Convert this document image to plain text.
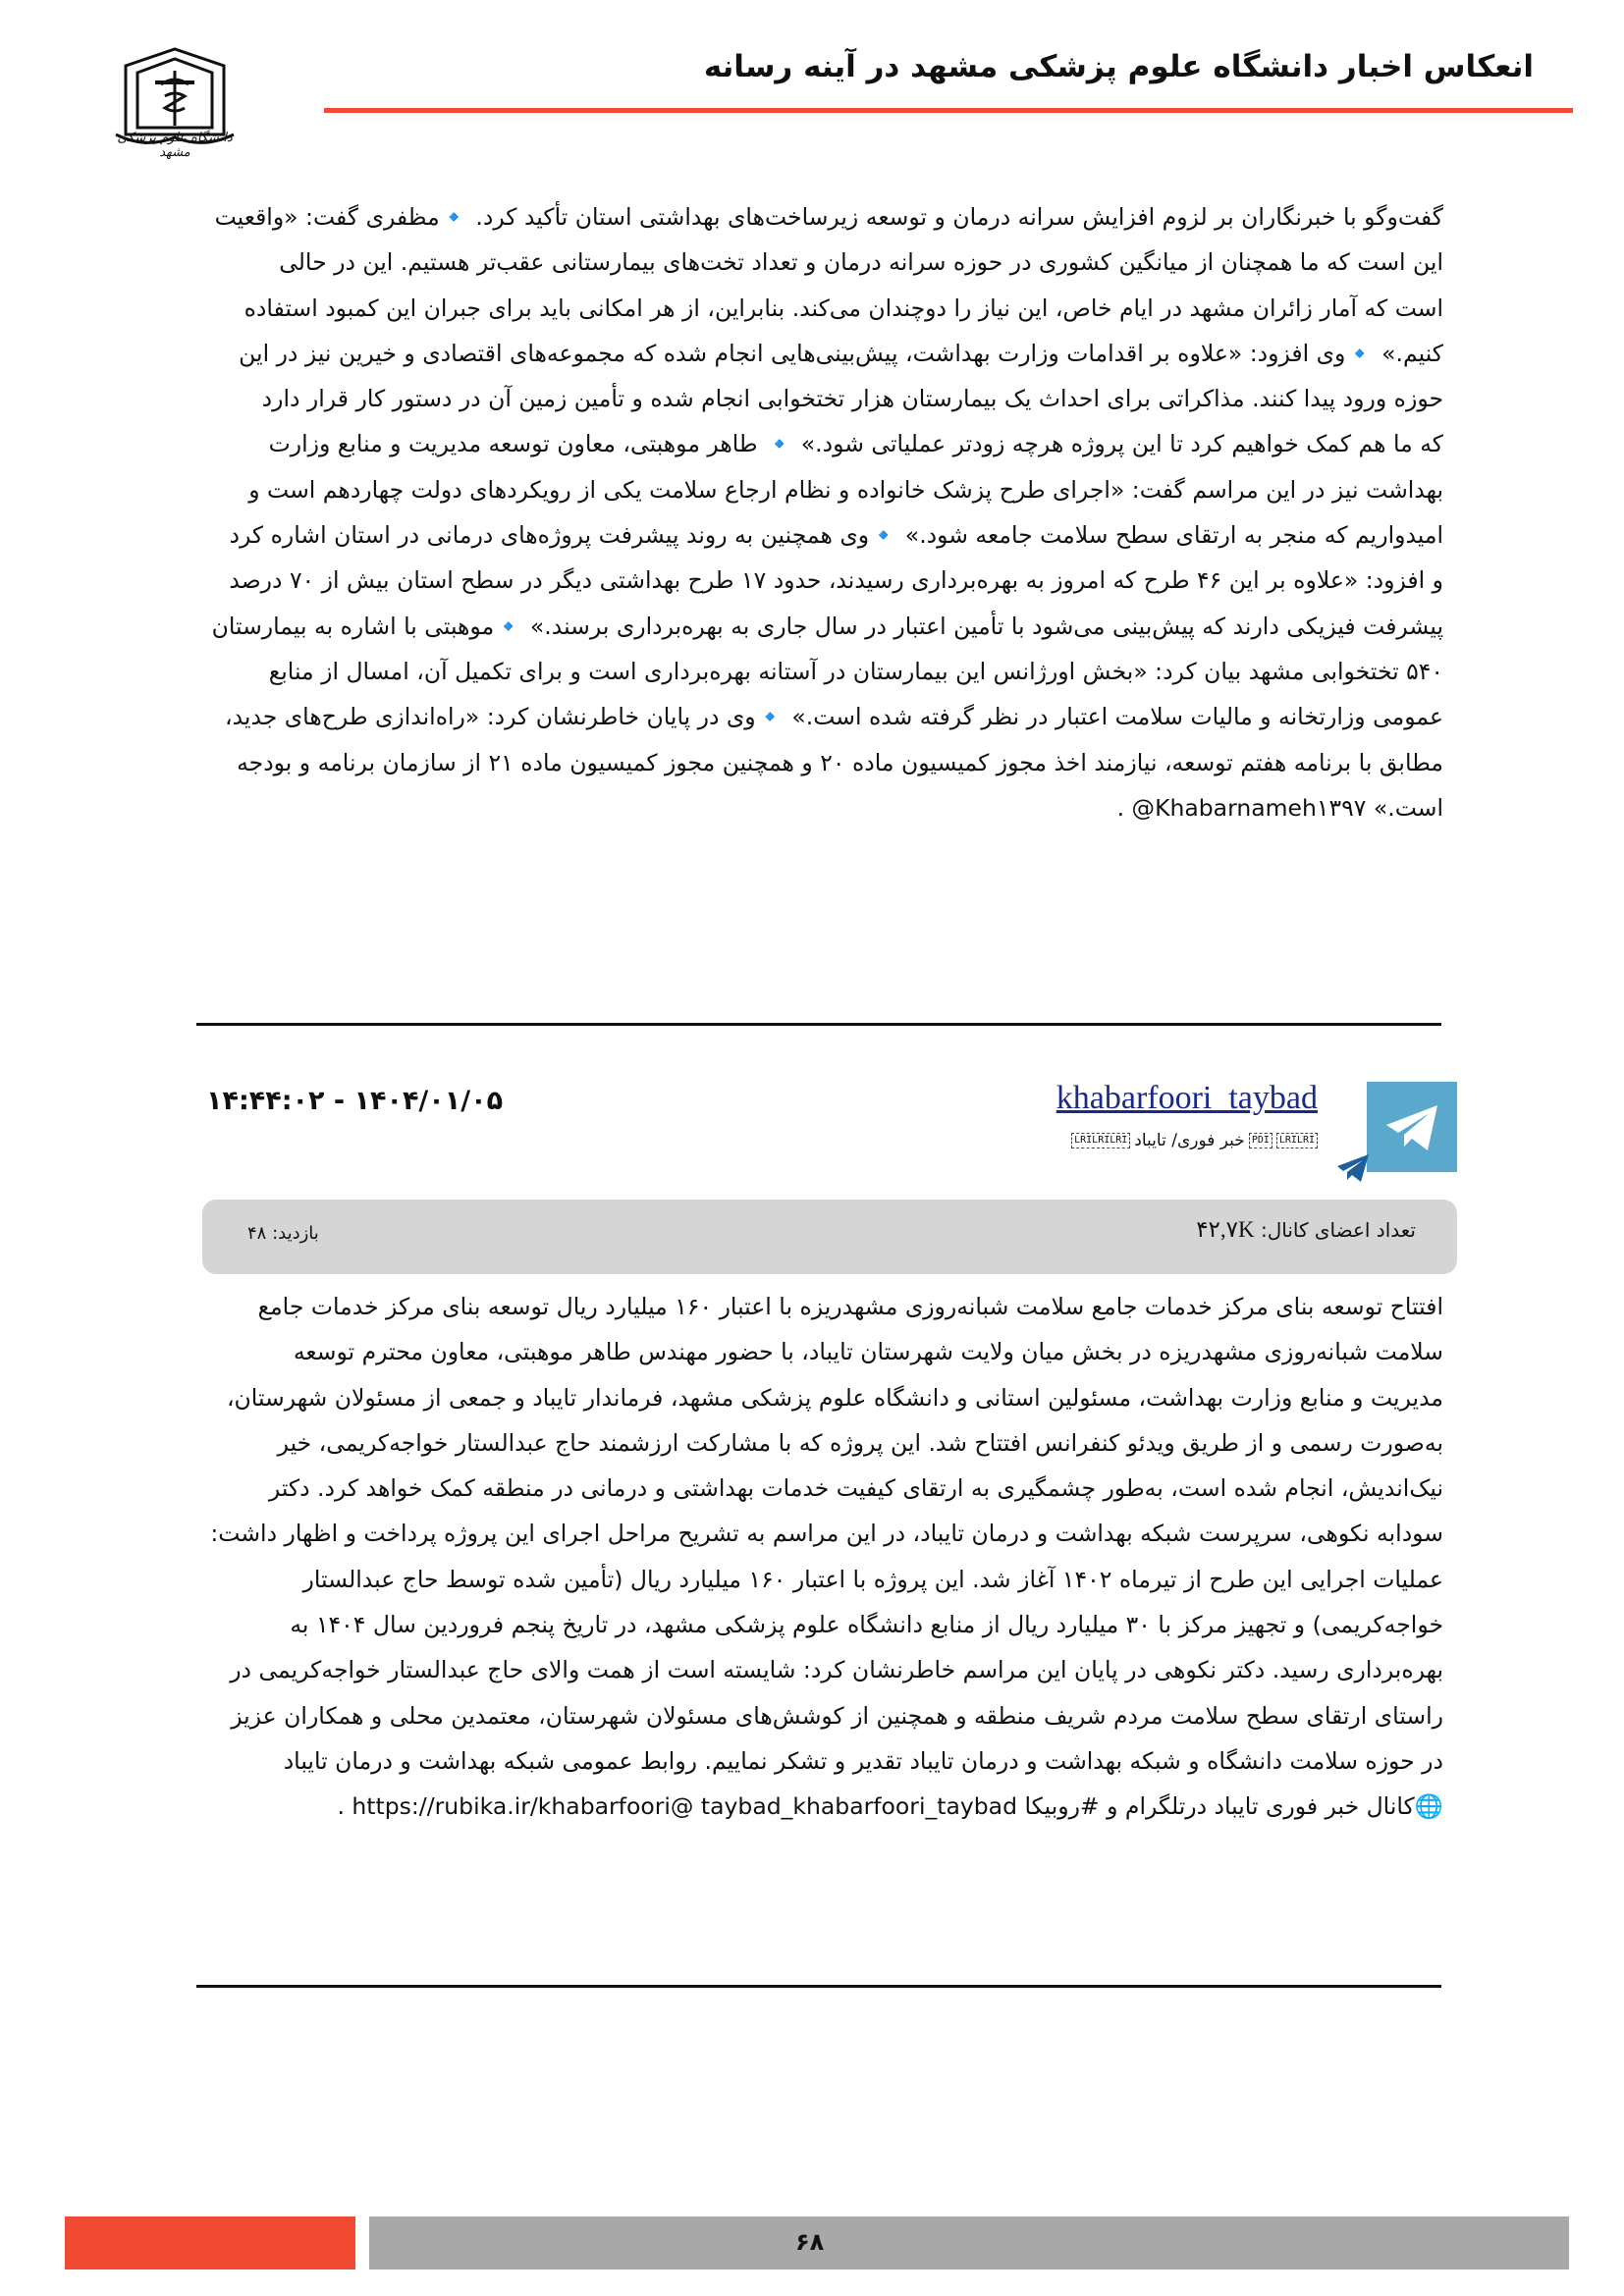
انعکاس اخبار دانشگاه علوم پزشکی مشهد در آینه رسانه
دانشگاه علوم پزشکی مشهد
گفت‌وگو با خبرنگاران بر لزوم افزایش سرانه درمان و توسعه زیرساخت‌های بهداشتی استان تأکید کرد. 🔹مظفری گفت: «واقعیت
این است که ما همچنان از میانگین کشوری در حوزه سرانه درمان و تعداد تخت‌های بیمارستانی عقب‌تر هستیم. این در حالی
است که آمار زائران مشهد در ایام خاص، این نیاز را دوچندان می‌کند. بنابراین، از هر امکانی باید برای جبران این کمبود استفاده
کنیم.» 🔹وی افزود: «علاوه بر اقدامات وزارت بهداشت، پیش‌بینی‌هایی انجام شده که مجموعه‌های اقتصادی و خیرین نیز در این
حوزه ورود پیدا کنند. مذاکراتی برای احداث یک بیمارستان هزار تختخوابی انجام شده و تأمین زمین آن در دستور کار قرار دارد
که ما هم کمک خواهیم کرد تا این پروژه هرچه زودتر عملیاتی شود.» 🔹 طاهر موهبتی، معاون توسعه مدیریت و منابع وزارت
بهداشت نیز در این مراسم گفت: «اجرای طرح پزشک خانواده و نظام ارجاع سلامت یکی از رویکردهای دولت چهاردهم است و
امیدواریم که منجر به ارتقای سطح سلامت جامعه شود.» 🔹وی همچنین به روند پیشرفت پروژه‌های درمانی در استان اشاره کرد
و افزود: «علاوه بر این ۴۶ طرح که امروز به بهره‌برداری رسیدند، حدود ۱۷ طرح بهداشتی دیگر در سطح استان بیش از ۷۰ درصد
پیشرفت فیزیکی دارند که پیش‌بینی می‌شود با تأمین اعتبار در سال جاری به بهره‌برداری برسند.» 🔹موهبتی با اشاره به بیمارستان
۵۴۰ تختخوابی مشهد بیان کرد: «بخش اورژانس این بیمارستان در آستانه بهره‌برداری است و برای تکمیل آن، امسال از منابع
عمومی وزارتخانه و مالیات سلامت اعتبار در نظر گرفته شده است.» 🔹وی در پایان خاطرنشان کرد: «راه‌اندازی طرح‌های جدید،
مطابق با برنامه هفتم توسعه، نیازمند اخذ مجوز کمیسیون ماده ۲۰ و همچنین مجوز کمیسیون ماده ۲۱ از سازمان برنامه و بودجه
است.» Khabarnameh۱۳۹۷@ .
khabarfoori_taybad
LRILRI
PDI
خبر فوری/ تایباد
LRILRILRI
۱۴۰۴/۰۱/۰۵ - ۱۴:۴۴:۰۲
تعداد اعضای کانال: ۴۲,۷K
بازدید: ۴۸
افتتاح توسعه بنای مرکز خدمات جامع سلامت شبانه‌روزی مشهدریزه با اعتبار ۱۶۰ میلیارد ریال توسعه بنای مرکز خدمات جامع
سلامت شبانه‌روزی مشهدریزه در بخش میان ولایت شهرستان تایباد، با حضور مهندس طاهر موهبتی، معاون محترم توسعه
مدیریت و منابع وزارت بهداشت، مسئولین استانی و دانشگاه علوم پزشکی مشهد، فرماندار تایباد و جمعی از مسئولان شهرستان،
به‌صورت رسمی و از طریق ویدئو کنفرانس افتتاح شد. این پروژه که با مشارکت ارزشمند حاج عبدالستار خواجه‌کریمی، خیر
نیک‌اندیش، انجام شده است، به‌طور چشمگیری به ارتقای کیفیت خدمات بهداشتی و درمانی در منطقه کمک خواهد کرد. دکتر
سودابه نکوهی، سرپرست شبکه بهداشت و درمان تایباد، در این مراسم به تشریح مراحل اجرای این پروژه پرداخت و اظهار داشت:
عملیات اجرایی این طرح از تیرماه ۱۴۰۲ آغاز شد. این پروژه با اعتبار ۱۶۰ میلیارد ریال (تأمین شده توسط حاج عبدالستار
خواجه‌کریمی) و تجهیز مرکز با ۳۰ میلیارد ریال از منابع دانشگاه علوم پزشکی مشهد، در تاریخ پنجم فروردین سال ۱۴۰۴ به
بهره‌برداری رسید. دکتر نکوهی در پایان این مراسم خاطرنشان کرد: شایسته است از همت والای حاج عبدالستار خواجه‌کریمی در
راستای ارتقای سطح سلامت مردم شریف منطقه و همچنین از کوشش‌های مسئولان شهرستان، معتمدین محلی و همکاران عزیز
در حوزه سلامت دانشگاه و شبکه بهداشت و درمان تایباد تقدیر و تشکر نماییم. روابط عمومی شبکه بهداشت و درمان تایباد
🌐کانال خبر فوری تایباد درتلگرام و #روبیکا https://rubika.ir/khabarfoori@ taybad_khabarfoori_taybad .
۶۸
